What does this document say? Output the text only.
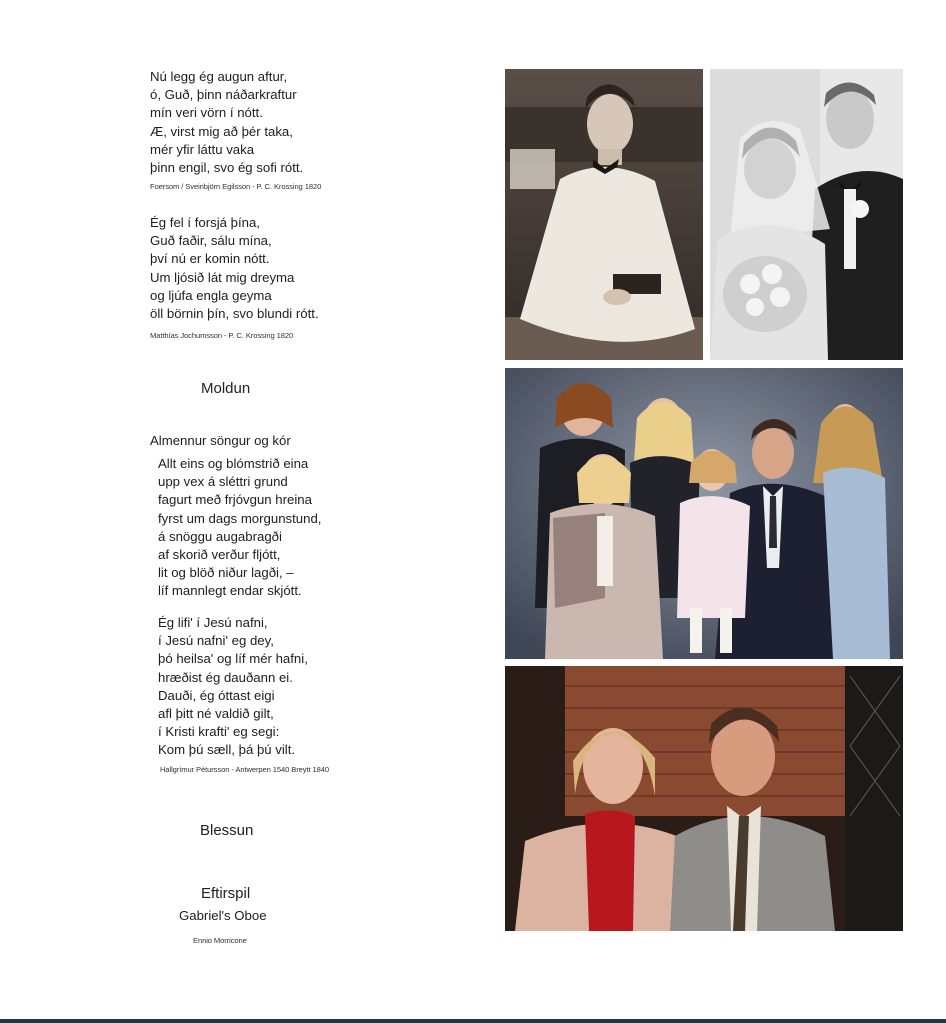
Nú legg ég augun aftur,
ó, Guð, þinn náðarkraftur
mín veri vörn í nótt.
Æ, virst mig að þér taka,
mér yfir láttu vaka
þinn engil, svo ég sofi rótt.
Foersom / Sveinbjörn Egilsson - P. C. Krossing 1820
Ég fel í forsjá þína,
Guð faðir, sálu mína,
því nú er komin nótt.
Um ljósið lát mig dreyma
og ljúfa engla geyma
öll börnin þín, svo blundi rótt.
Matthías Jochumsson - P. C. Krossing 1820
Moldun
Almennur söngur og kór
Allt eins og blómstrið eina
upp vex á sléttri grund
fagurt með frjóvgun hreina
fyrst um dags morgunstund,
á snöggu augabragði
af skorið verður fljótt,
lit og blöð niður lagði, –
líf mannlegt endar skjótt.
Ég lifi' í Jesú nafni,
í Jesú nafni' eg dey,
þó heilsa' og líf mér hafni,
hræðist ég dauðann ei.
Dauði, ég óttast eigi
afl þitt né valdið gilt,
í Kristi krafti' eg segi:
Kom þú sæll, þá þú vilt.
Hallgrímur Pétursson - Antwerpen 1540 Breytt 1840
Blessun
Eftirspil
Gabriel's Oboe
Ennio Morricone
